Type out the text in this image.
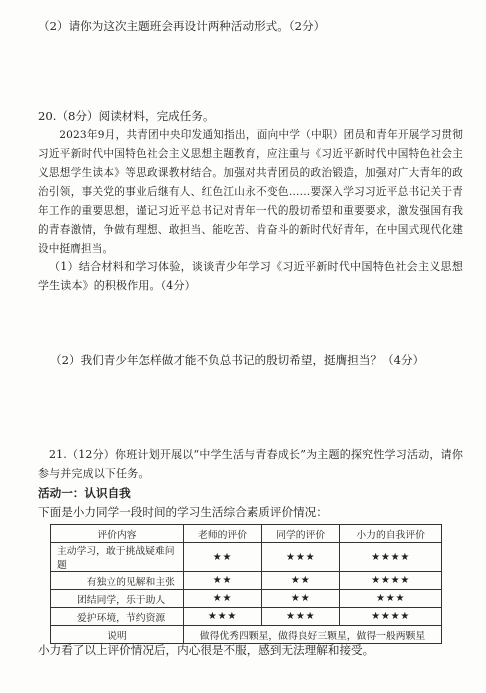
（2）请你为这次主题班会再设计两种活动形式。（2分）
20.（8分）阅读材料，完成任务。
2023年9月，共青团中央印发通知指出，面向中学（中职）团员和青年开展学习贯彻习近平新时代中国特色社会主义思想主题教育，应注重与《习近平新时代中国特色社会主义思想学生读本》等思政课教材结合。加强对共青团员的政治锻造，加强对广大青年的政治引领，事关党的事业后继有人、红色江山永不变色……要深入学习习近平总书记关于青年工作的重要思想，谨记习近平总书记对青年一代的殷切希望和重要要求，激发强国有我的青春激情，争做有理想、敢担当、能吃苦、肯奋斗的新时代好青年，在中国式现代化建设中挺膺担当。
（1）结合材料和学习体验，谈谈青少年学习《习近平新时代中国特色社会主义思想学生读本》的积极作用。（4分）
（2）我们青少年怎样做才能不负总书记的殷切希望，挺膺担当？（4分）
21.（12分）你班计划开展以“中学生活与青春成长”为主题的探究性学习活动，请你参与并完成以下任务。
活动一：认识自我
下面是小力同学一段时间的学习生活综合素质评价情况：
评价内容	老师的评价	同学的评价	小力的自我评价
主动学习，敢于挑战疑难问题	★★	★★★	★★★★
有独立的见解和主张	★★	★★	★★★★
团结同学，乐于助人	★★	★★	★★★
爱护环境，节约资源	★★★	★★★	★★★★
说明	做得优秀四颗星，做得良好三颗星，做得一般两颗星		
小力看了以上评价情况后，内心很是不服，感到无法理解和接受。
